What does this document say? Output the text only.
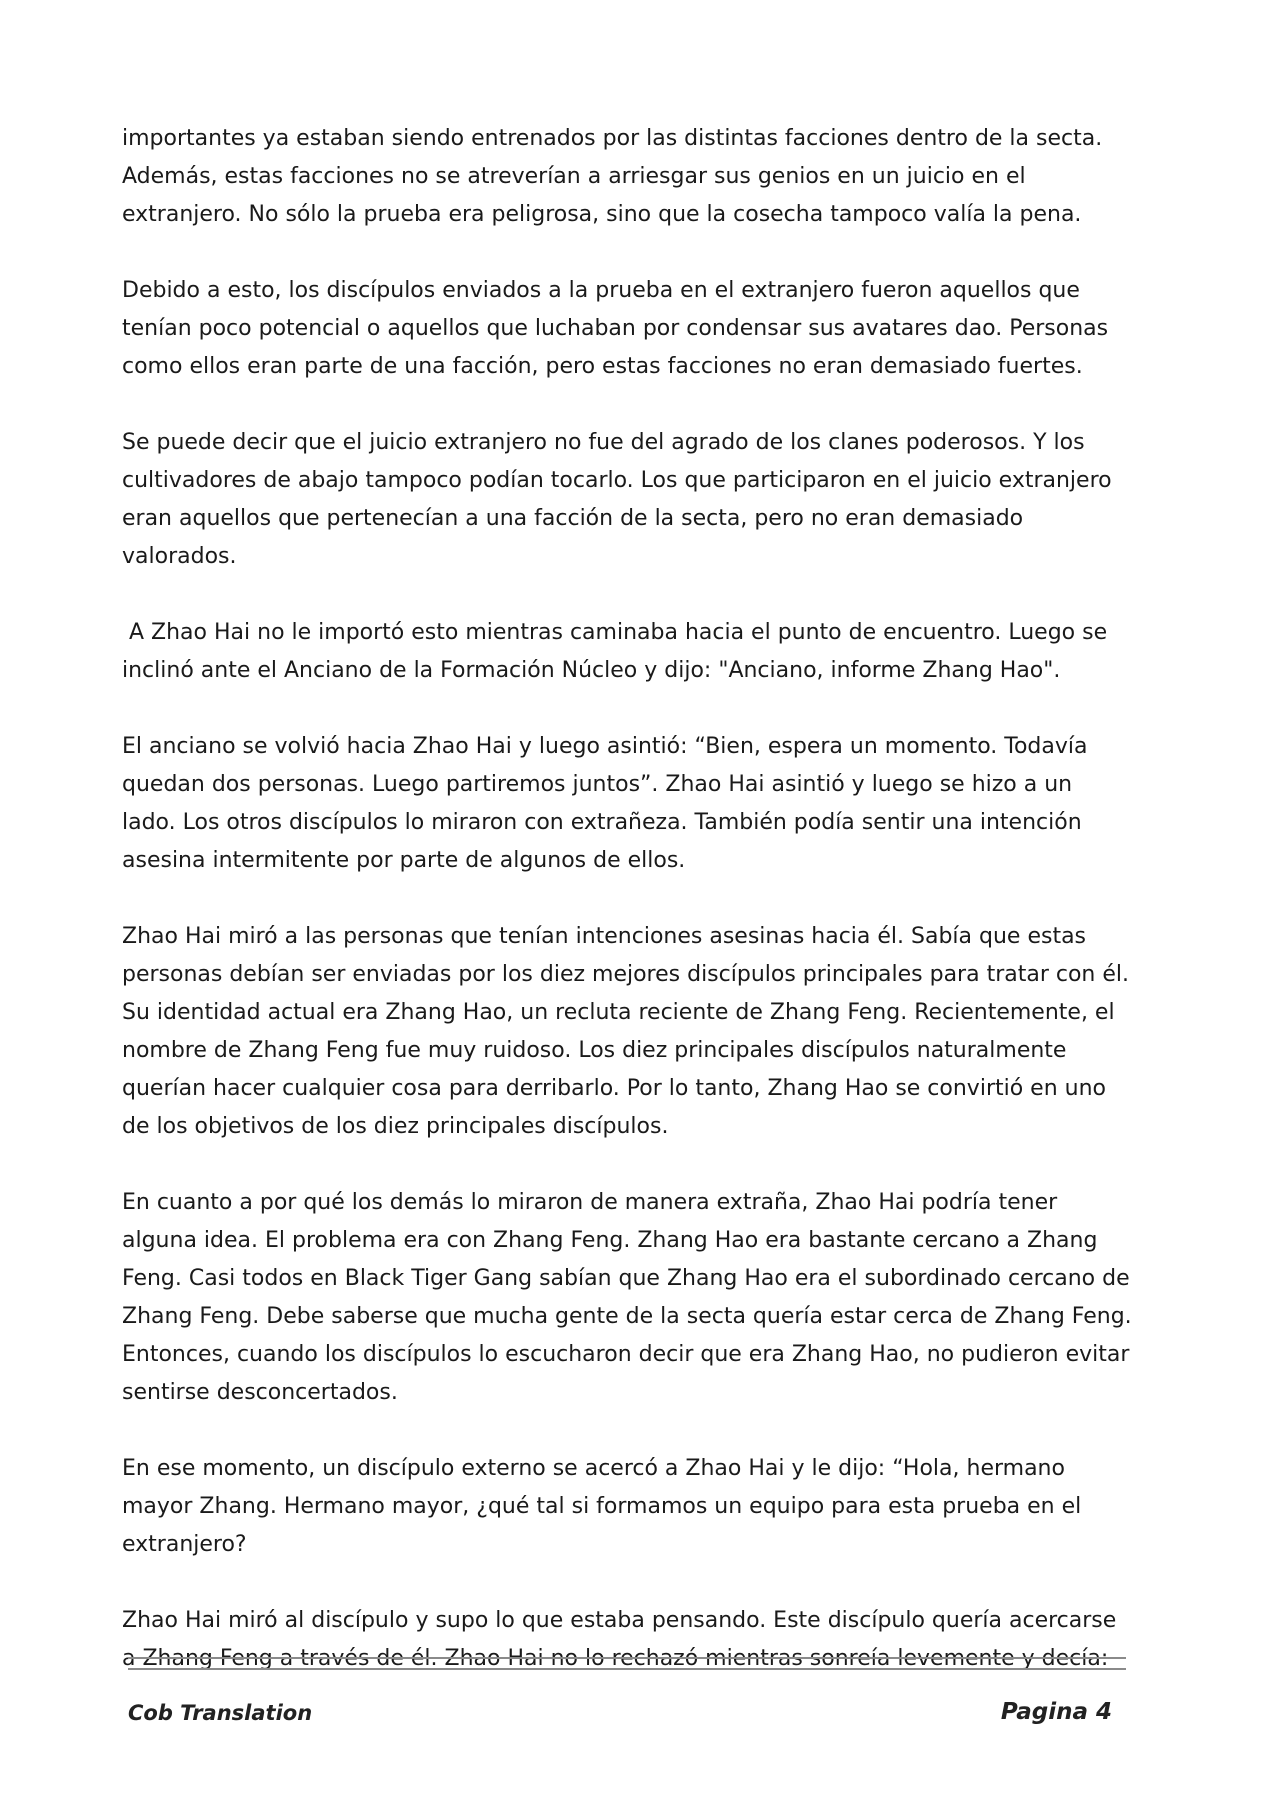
importantes ya estaban siendo entrenados por las distintas facciones dentro de la secta. Además, estas facciones no se atreverían a arriesgar sus genios en un juicio en el extranjero. No sólo la prueba era peligrosa, sino que la cosecha tampoco valía la pena.

Debido a esto, los discípulos enviados a la prueba en el extranjero fueron aquellos que tenían poco potencial o aquellos que luchaban por condensar sus avatares dao. Personas como ellos eran parte de una facción, pero estas facciones no eran demasiado fuertes.

Se puede decir que el juicio extranjero no fue del agrado de los clanes poderosos. Y los cultivadores de abajo tampoco podían tocarlo. Los que participaron en el juicio extranjero eran aquellos que pertenecían a una facción de la secta, pero no eran demasiado valorados.

A Zhao Hai no le importó esto mientras caminaba hacia el punto de encuentro. Luego se inclinó ante el Anciano de la Formación Núcleo y dijo: "Anciano, informe Zhang Hao".

El anciano se volvió hacia Zhao Hai y luego asintió: “Bien, espera un momento. Todavía quedan dos personas. Luego partiremos juntos”. Zhao Hai asintió y luego se hizo a un lado. Los otros discípulos lo miraron con extrañeza. También podía sentir una intención asesina intermitente por parte de algunos de ellos.

Zhao Hai miró a las personas que tenían intenciones asesinas hacia él. Sabía que estas personas debían ser enviadas por los diez mejores discípulos principales para tratar con él. Su identidad actual era Zhang Hao, un recluta reciente de Zhang Feng. Recientemente, el nombre de Zhang Feng fue muy ruidoso. Los diez principales discípulos naturalmente querían hacer cualquier cosa para derribarlo. Por lo tanto, Zhang Hao se convirtió en uno de los objetivos de los diez principales discípulos.

En cuanto a por qué los demás lo miraron de manera extraña, Zhao Hai podría tener alguna idea. El problema era con Zhang Feng. Zhang Hao era bastante cercano a Zhang Feng. Casi todos en Black Tiger Gang sabían que Zhang Hao era el subordinado cercano de Zhang Feng. Debe saberse que mucha gente de la secta quería estar cerca de Zhang Feng. Entonces, cuando los discípulos lo escucharon decir que era Zhang Hao, no pudieron evitar sentirse desconcertados.

En ese momento, un discípulo externo se acercó a Zhao Hai y le dijo: “Hola, hermano mayor Zhang. Hermano mayor, ¿qué tal si formamos un equipo para esta prueba en el extranjero?

Zhao Hai miró al discípulo y supo lo que estaba pensando. Este discípulo quería acercarse a Zhang Feng a través de él. Zhao Hai no lo rechazó mientras sonreía levemente y decía:

Cob Translation	Pagina 4
